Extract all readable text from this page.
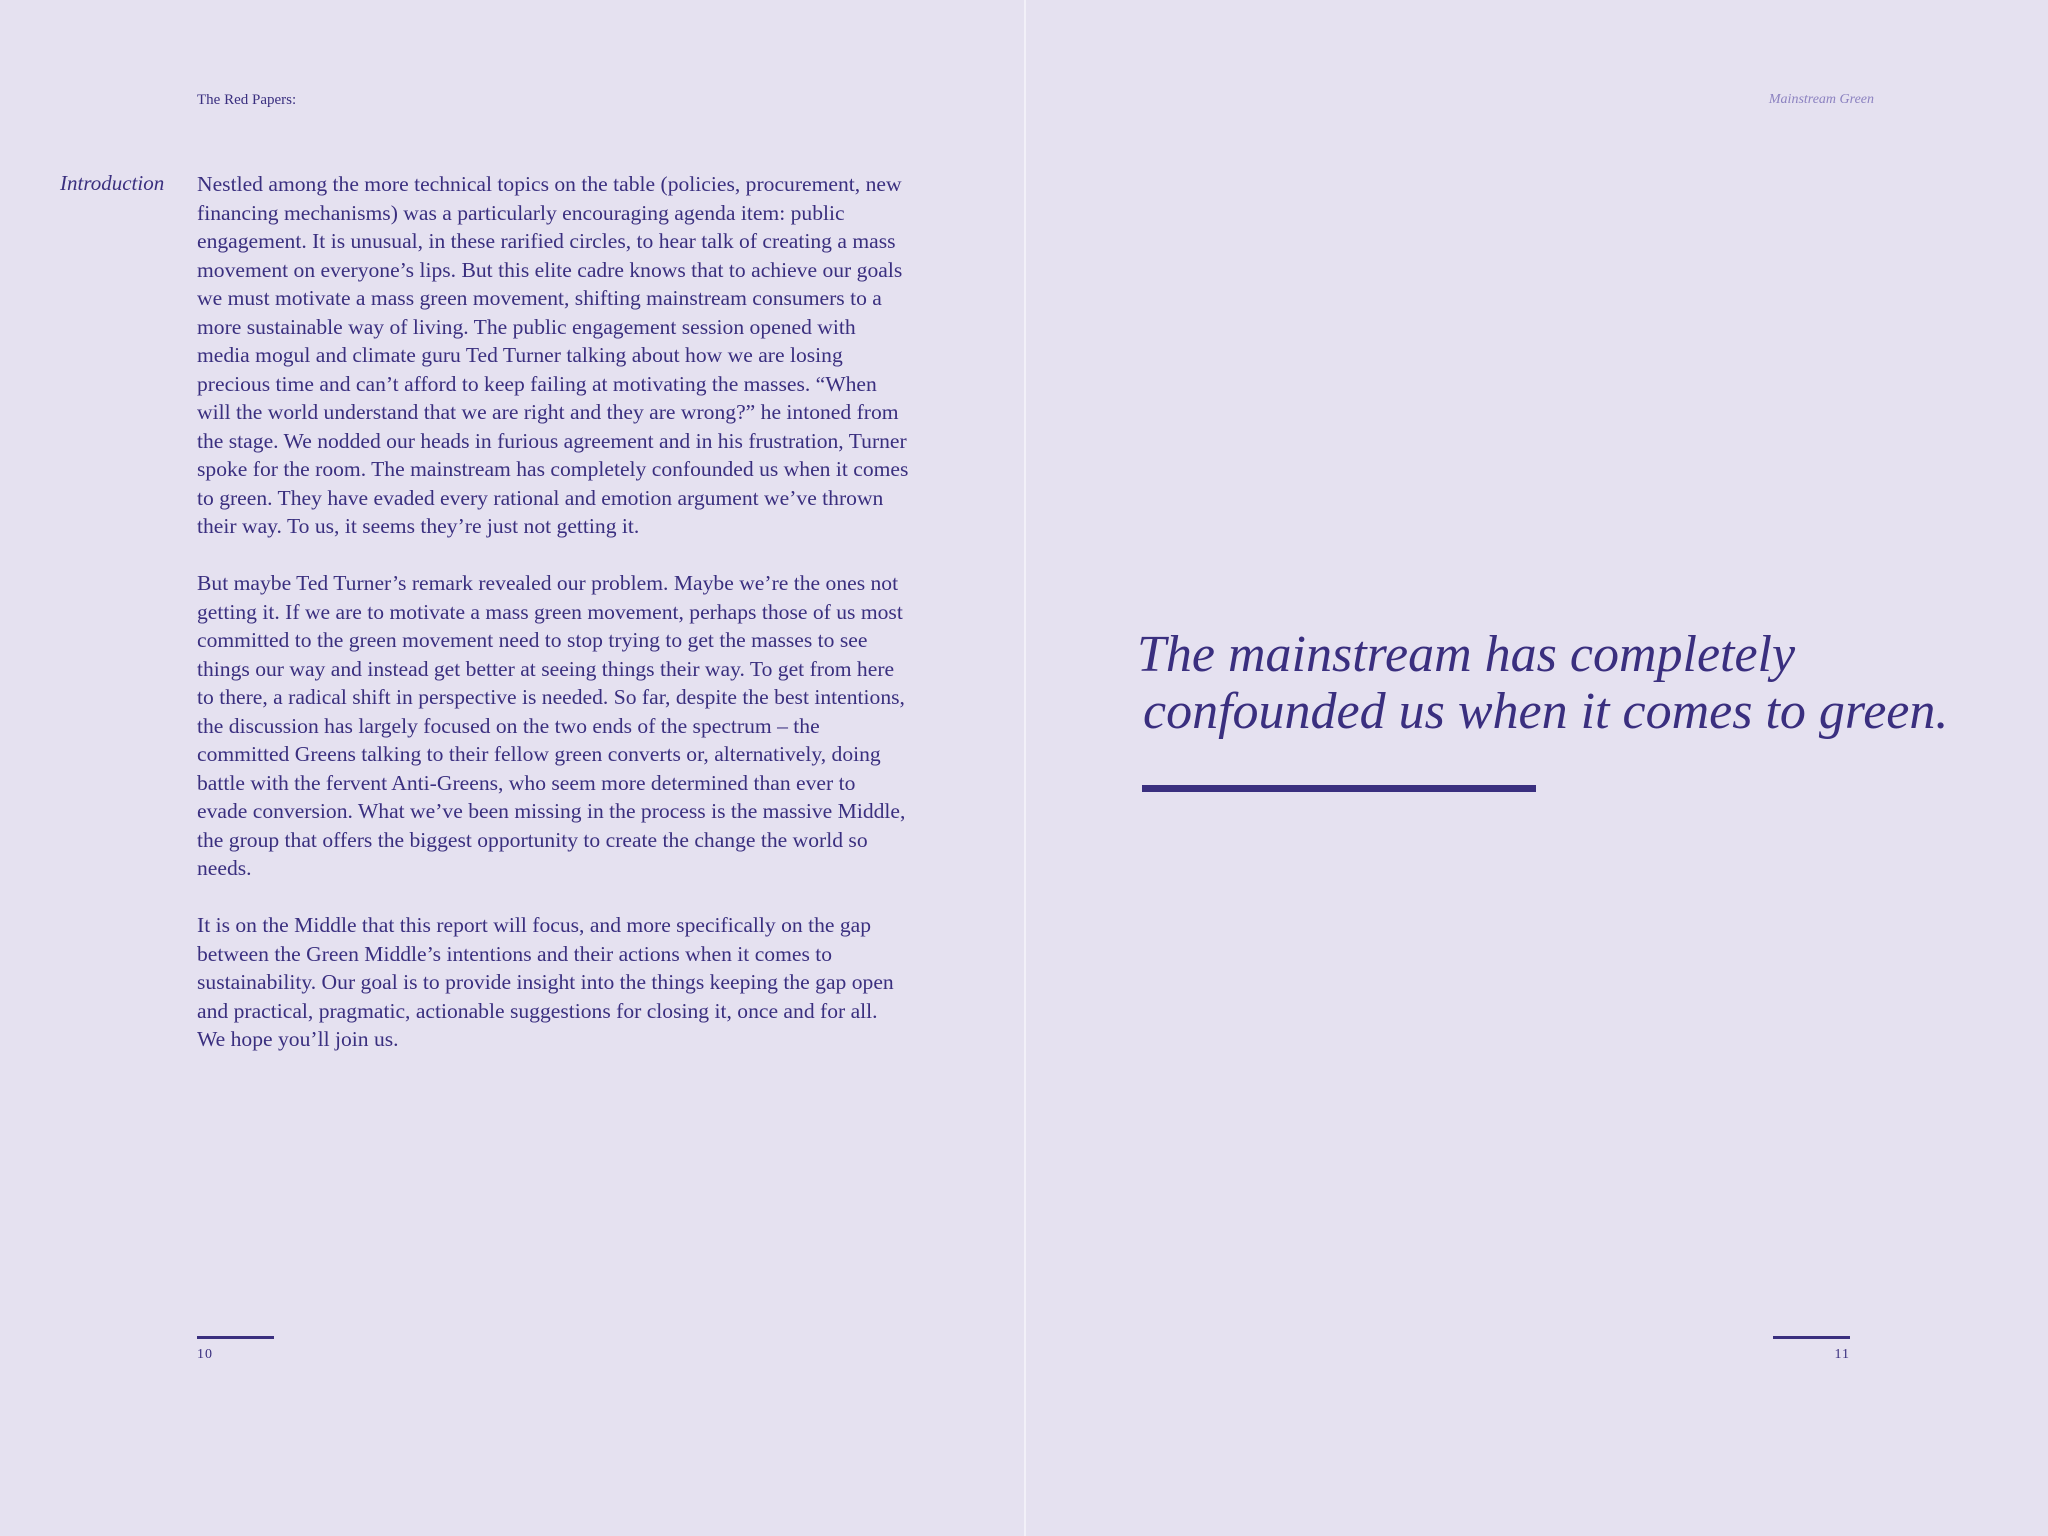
The Red Papers:
Introduction Nestled among the more technical topics on the table (policies, procurement, new financing mechanisms) was a particularly encouraging agenda item: public engagement. It is unusual, in these rarified circles, to hear talk of creating a mass movement on everyone’s lips. But this elite cadre knows that to achieve our goals we must motivate a mass green movement, shifting mainstream consumers to a more sustainable way of living. The public engagement session opened with media mogul and climate guru Ted Turner talking about how we are losing precious time and can’t afford to keep failing at motivating the masses. “When will the world understand that we are right and they are wrong?” he intoned from the stage. We nodded our heads in furious agreement and in his frustration, Turner spoke for the room. The mainstream has completely confounded us when it comes to green. They have evaded every rational and emotion argument we’ve thrown their way. To us, it seems they’re just not getting it.

But maybe Ted Turner’s remark revealed our problem. Maybe we’re the ones not getting it. If we are to motivate a mass green movement, perhaps those of us most committed to the green movement need to stop trying to get the masses to see things our way and instead get better at seeing things their way. To get from here to there, a radical shift in perspective is needed. So far, despite the best intentions, the discussion has largely focused on the two ends of the spectrum – the committed Greens talking to their fellow green converts or, alternatively, doing battle with the fervent Anti-Greens, who seem more determined than ever to evade conversion. What we’ve been missing in the process is the massive Middle, the group that offers the biggest opportunity to create the change the world so needs.

It is on the Middle that this report will focus, and more specifically on the gap between the Green Middle’s intentions and their actions when it comes to sustainability. Our goal is to provide insight into the things keeping the gap open and practical, pragmatic, actionable suggestions for closing it, once and for all. We hope you’ll join us.

10
Mainstream Green
The mainstream has completely
confounded us when it comes to green.
11
